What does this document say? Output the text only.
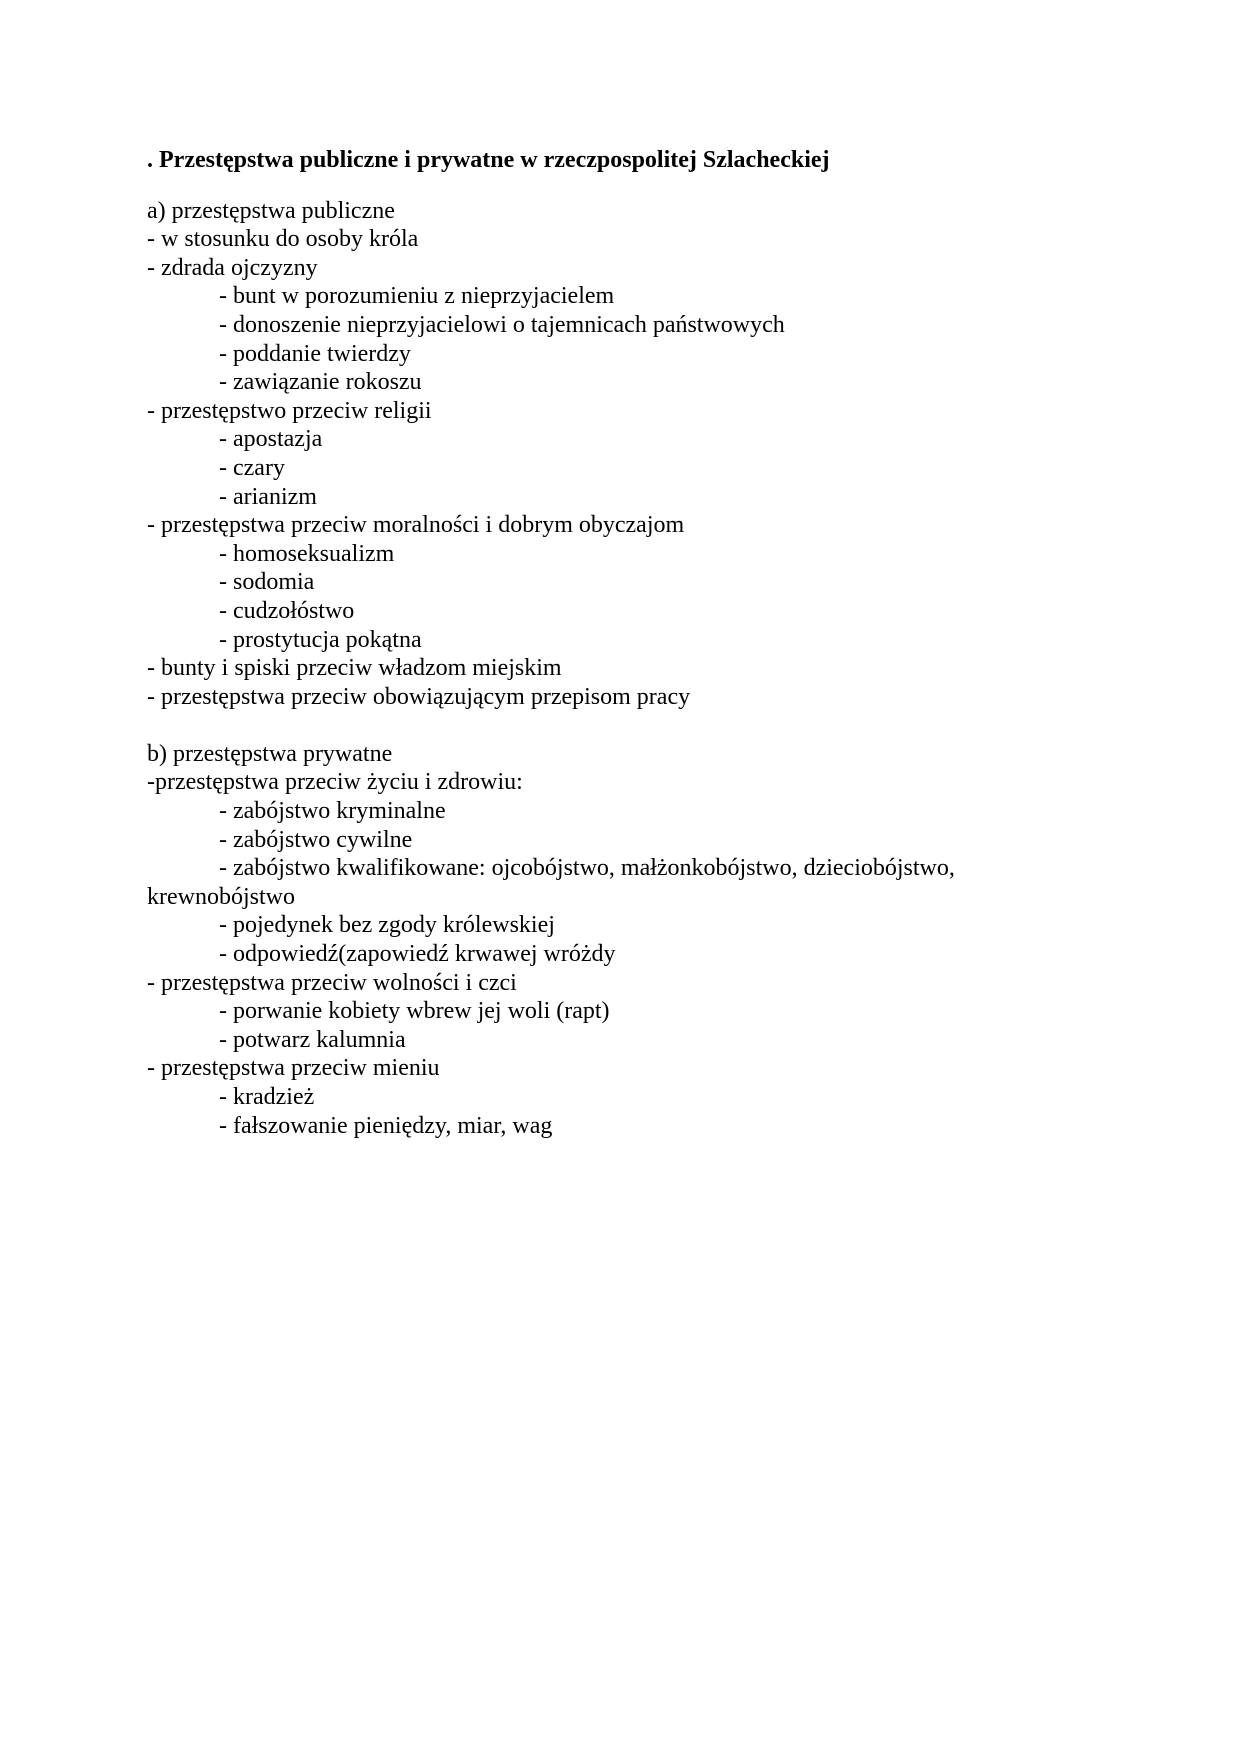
. Przestępstwa publiczne i prywatne w rzeczpospolitej Szlacheckiej
a) przestępstwa publiczne
- w stosunku do osoby króla
- zdrada ojczyzny
- bunt w porozumieniu z nieprzyjacielem
- donoszenie nieprzyjacielowi o tajemnicach państwowych
- poddanie twierdzy
- zawiązanie rokoszu
- przestępstwo przeciw religii
- apostazja
- czary
- arianizm
- przestępstwa przeciw moralności i dobrym obyczajom
- homoseksualizm
- sodomia
- cudzołóstwo
- prostytucja pokątna
- bunty i spiski przeciw władzom miejskim
- przestępstwa przeciw obowiązującym przepisom pracy
b) przestępstwa prywatne
-przestępstwa przeciw życiu i zdrowiu:
- zabójstwo kryminalne
- zabójstwo cywilne
- zabójstwo kwalifikowane: ojcobójstwo, małżonkobójstwo, dzieciobójstwo, krewnobójstwo
- pojedynek bez zgody królewskiej
- odpowiedź(zapowiedź krwawej wróżdy
- przestępstwa przeciw wolności i czci
- porwanie kobiety wbrew jej woli (rapt)
- potwarz kalumnia
- przestępstwa przeciw mieniu
- kradzież
- fałszowanie pieniędzy, miar, wag
